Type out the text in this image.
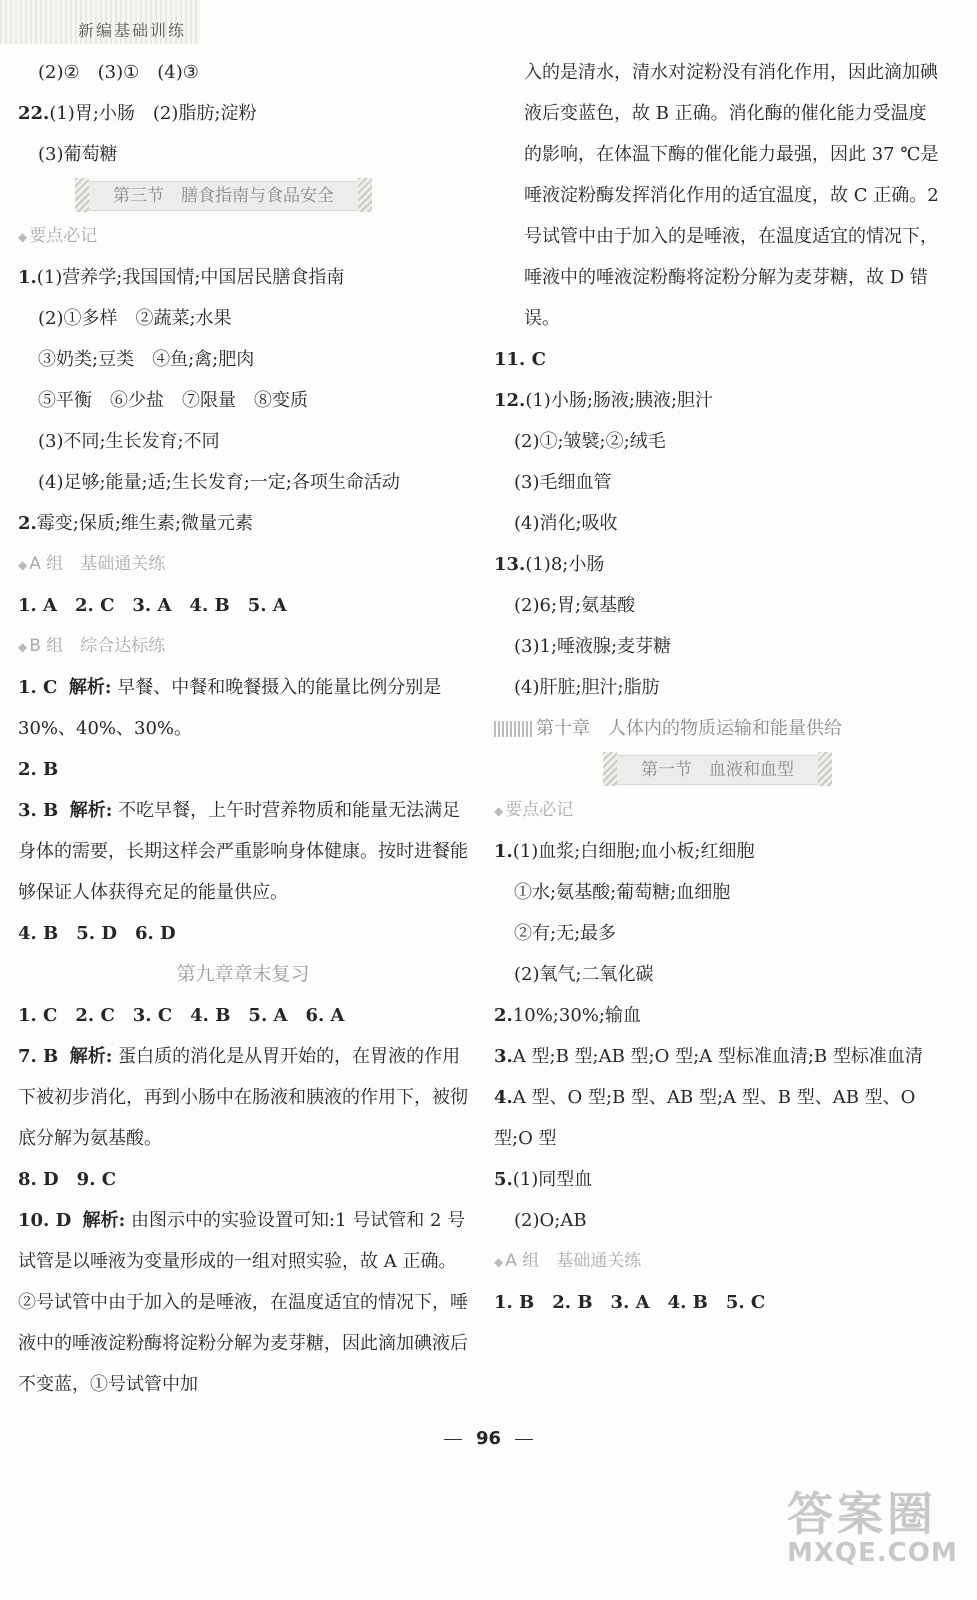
新编基础训练
(2)②　(3)①　(4)③
22.(1)胃;小肠　(2)脂肪;淀粉
(3)葡萄糖
第三节　膳食指南与食品安全
◆ 要点必记
1.(1)营养学;我国国情;中国居民膳食指南
(2)①多样　②蔬菜;水果
③奶类;豆类　④鱼;禽;肥肉
⑤平衡　⑥少盐　⑦限量　⑧变质
(3)不同;生长发育;不同
(4)足够;能量;适;生长发育;一定;各项生命活动
2.霉变;保质;维生素;微量元素
◆ A 组　基础通关练
1. A　2. C　3. A　4. B　5. A
◆ B 组　综合达标练
1. C 解析: 早餐、中餐和晚餐摄入的能量比例分别是 30%、40%、30%。
2. B
3. B 解析: 不吃早餐，上午时营养物质和能量无法满足身体的需要，长期这样会严重影响身体健康。按时进餐能够保证人体获得充足的能量供应。
4. B　5. D　6. D
第九章章末复习
1. C　2. C　3. C　4. B　5. A　6. A
7. B 解析: 蛋白质的消化是从胃开始的，在胃液的作用下被初步消化，再到小肠中在肠液和胰液的作用下，被彻底分解为氨基酸。
8. D　9. C
10. D 解析: 由图示中的实验设置可知:1 号试管和 2 号试管是以唾液为变量形成的一组对照实验，故 A 正确。②号试管中由于加入的是唾液，在温度适宜的情况下，唾液中的唾液淀粉酶将淀粉分解为麦芽糖，因此滴加碘液后不变蓝，①号试管中加
入的是清水，清水对淀粉没有消化作用，因此滴加碘液后变蓝色，故 B 正确。消化酶的催化能力受温度的影响，在体温下酶的催化能力最强，因此 37 ℃是唾液淀粉酶发挥消化作用的适宜温度，故 C 正确。2 号试管中由于加入的是唾液，在温度适宜的情况下，唾液中的唾液淀粉酶将淀粉分解为麦芽糖，故 D 错误。
11. C
12.(1)小肠;肠液;胰液;胆汁
(2)①;皱襞;②;绒毛
(3)毛细血管
(4)消化;吸收
13.(1)8;小肠
(2)6;胃;氨基酸
(3)1;唾液腺;麦芽糖
(4)肝脏;胆汁;脂肪
第十章　人体内的物质运输和能量供给
第一节　血液和血型
◆ 要点必记
1.(1)血浆;白细胞;血小板;红细胞
①水;氨基酸;葡萄糖;血细胞
②有;无;最多
(2)氧气;二氧化碳
2.10%;30%;输血
3.A 型;B 型;AB 型;O 型;A 型标准血清;B 型标准血清
4.A 型、O 型;B 型、AB 型;A 型、B 型、AB 型、O 型;O 型
5.(1)同型血
(2)O;AB
◆ A 组　基础通关练
1. B　2. B　3. A　4. B　5. C
96
答案圈
MXQE.COM
